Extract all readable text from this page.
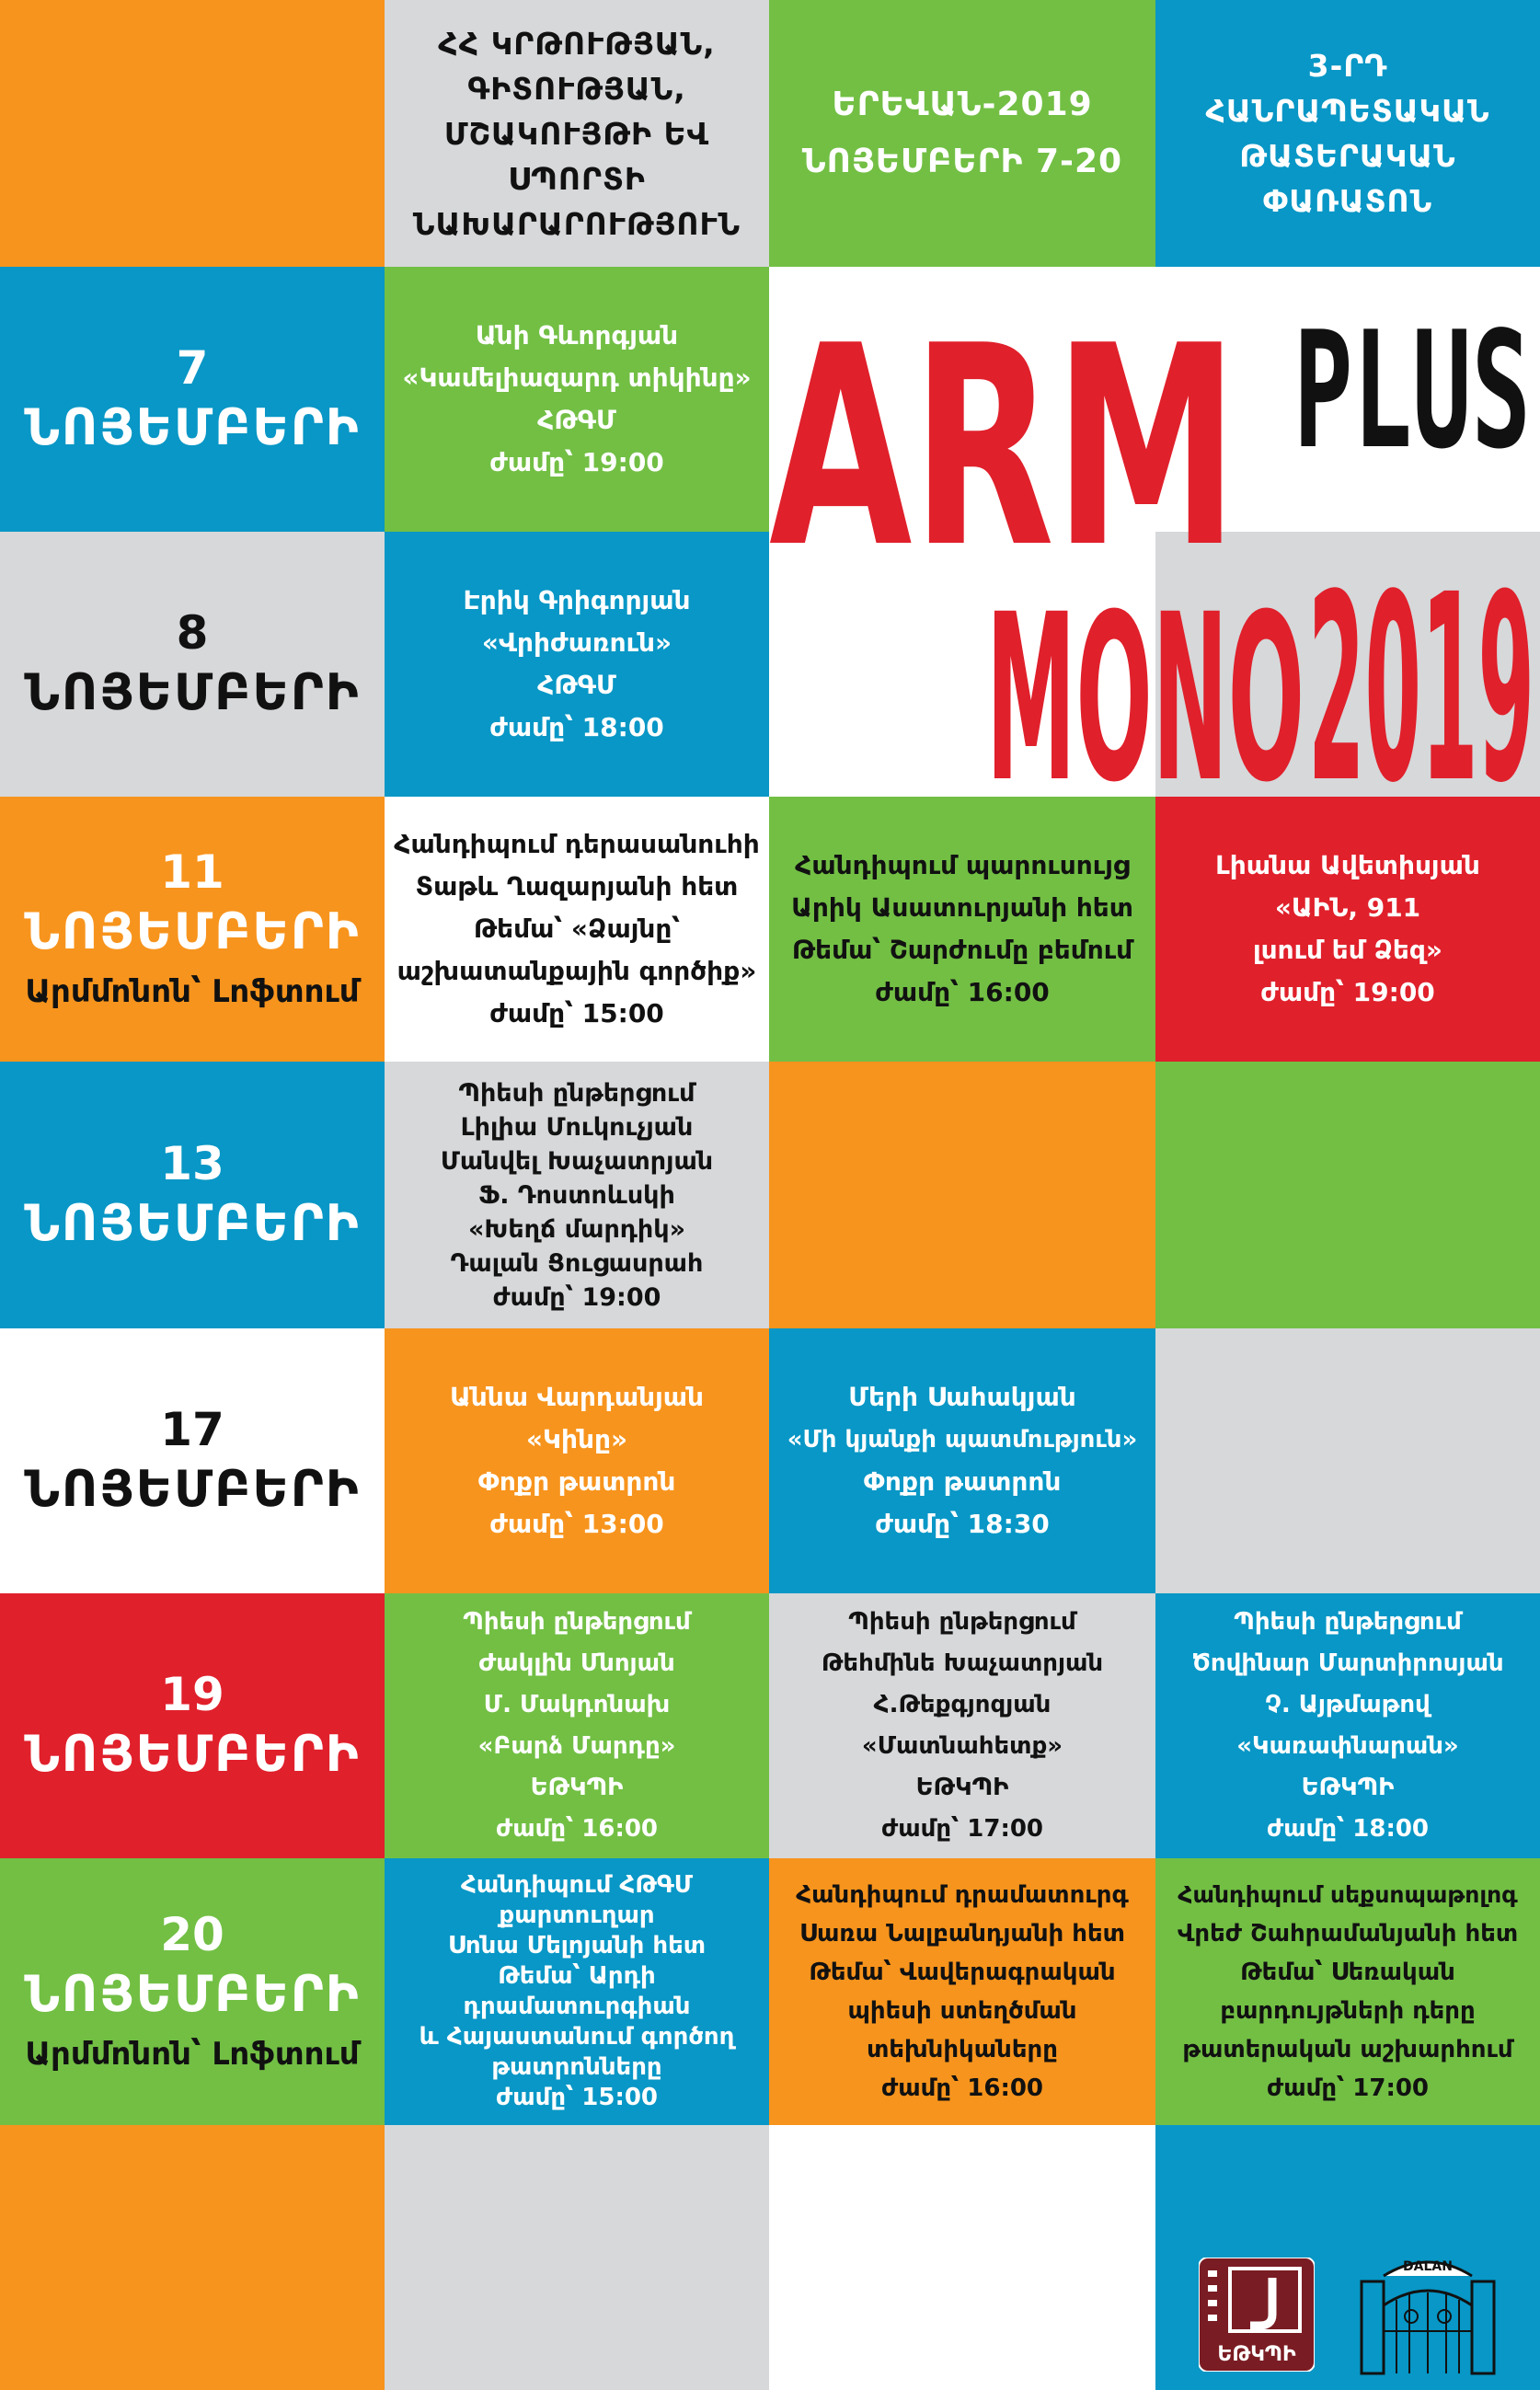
ՀՀ ԿՐԹՈՒԹՅԱՆ,
ԳԻՏՈՒԹՅԱՆ,
ՄՇԱԿՈՒՅԹԻ ԵՎ ՍՊՈՐՏԻ
ՆԱԽԱՐԱՐՈՒԹՅՈՒՆ
ԵՐԵՎԱՆ-2019
ՆՈՅԵՄԲԵՐԻ 7-20
3-ՐԴ
ՀԱՆՐԱՊԵՏԱԿԱՆ
ԹԱՏԵՐԱԿԱՆ
ՓԱՌԱՏՈՆ
7
ՆՈՅԵՄԲԵՐԻ
8
ՆՈՅԵՄԲԵՐԻ
11
ՆՈՅԵՄԲԵՐԻ
Արմմոնոն՝ Լոֆտում
13
ՆՈՅԵՄԲԵՐԻ
17
ՆՈՅԵՄԲԵՐԻ
19
ՆՈՅԵՄԲԵՐԻ
20
ՆՈՅԵՄԲԵՐԻ
Արմմոնոն՝ Լոֆտում
Անի Գևորգյան
«Կամելիազարդ տիկինը»
ՀԹԳՄ
ժամը՝ 19:00
Էրիկ Գրիգորյան
«Վրիժառուն»
ՀԹԳՄ
ժամը՝ 18:00
ARM PLUS
MONO 2019
Հանդիպում դերասանուհի
Տաթև Ղազարյանի հետ
Թեմա՝ «Ձայնը՝
աշխատանքային գործիք»
ժամը՝ 15:00
Հանդիպում պարուսույց
Արիկ Ասատուրյանի հետ
Թեմա՝ Շարժումը բեմում
ժամը՝ 16:00
Լիանա Ավետիսյան
«ԱԻՆ, 911
լսում եմ Ձեզ»
ժամը՝ 19:00
Պիեսի ընթերցում
Լիլիա Մուկուչյան
Մանվել Խաչատրյան
Ֆ. Դոստոևսկի
«Խեղճ մարդիկ»
Դալան Ցուցասրահ
ժամը՝ 19:00
Աննա Վարդանյան
«Կինը»
Փոքր թատրոն
ժամը՝ 13:00
Մերի Սահակյան
«Մի կյանքի պատմություն»
Փոքր թատրոն
ժամը՝ 18:30
Պիեսի ընթերցում
Ժակլին Մնոյան
Մ. Մակդոնախ
«Բարձ Մարդը»
ԵԹԿՊԻ
ժամը՝ 16:00
Պիեսի ընթերցում
Թեհմինե Խաչատրյան
Հ.Թեքգյոզյան
«Մատնահետք»
ԵԹԿՊԻ
ժամը՝ 17:00
Պիեսի ընթերցում
Ծովինար Մարտիրոսյան
Չ. Այթմաթով
«Կառափնարան»
ԵԹԿՊԻ
ժամը՝ 18:00
Հանդիպում ՀԹԳՄ
քարտուղար
Սոնա Մելոյանի հետ
Թեմա՝ Արդի
դրամատուրգիան
և Հայաստանում գործող
թատրոնները
ժամը՝ 15:00
Հանդիպում դրամատուրգ
Սառա Նալբանդյանի հետ
Թեմա՝ Վավերագրական
պիեսի ստեղծման
տեխնիկաները
ժամը՝ 16:00
Հանդիպում սեքսոպաթոլոգ
Վրեժ Շահրամանյանի հետ
Թեմա՝ Սեռական
բարդույթների դերը
թատերական աշխարհում
ժամը՝ 17:00
ԵԹԿՊԻ
DALAN
